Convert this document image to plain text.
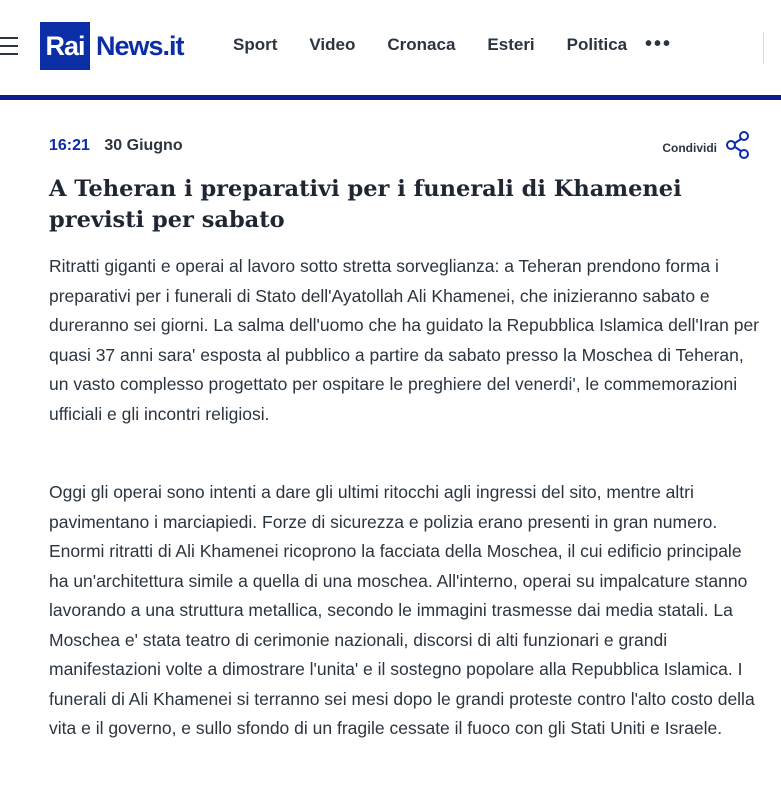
Rai News.it	Sport Video Cronaca Esteri Politica •••
16:21 30 Giugno	Condividi
A Teheran i preparativi per i funerali di Khamenei previsti per sabato

Ritratti giganti e operai al lavoro sotto stretta sorveglianza: a Teheran prendono forma i preparativi per i funerali di Stato dell'Ayatollah Ali Khamenei, che inizieranno sabato e dureranno sei giorni. La salma dell'uomo che ha guidato la Repubblica Islamica dell'Iran per quasi 37 anni sara' esposta al pubblico a partire da sabato presso la Moschea di Teheran, un vasto complesso progettato per ospitare le preghiere del venerdi', le commemorazioni ufficiali e gli incontri religiosi.

Oggi gli operai sono intenti a dare gli ultimi ritocchi agli ingressi del sito, mentre altri pavimentano i marciapiedi. Forze di sicurezza e polizia erano presenti in gran numero. Enormi ritratti di Ali Khamenei ricoprono la facciata della Moschea, il cui edificio principale ha un'architettura simile a quella di una moschea. All'interno, operai su impalcature stanno lavorando a una struttura metallica, secondo le immagini trasmesse dai media statali. La Moschea e' stata teatro di cerimonie nazionali, discorsi di alti funzionari e grandi manifestazioni volte a dimostrare l'unita' e il sostegno popolare alla Repubblica Islamica. I funerali di Ali Khamenei si terranno sei mesi dopo le grandi proteste contro l'alto costo della vita e il governo, e sullo sfondo di un fragile cessate il fuoco con gli Stati Uniti e Israele.
